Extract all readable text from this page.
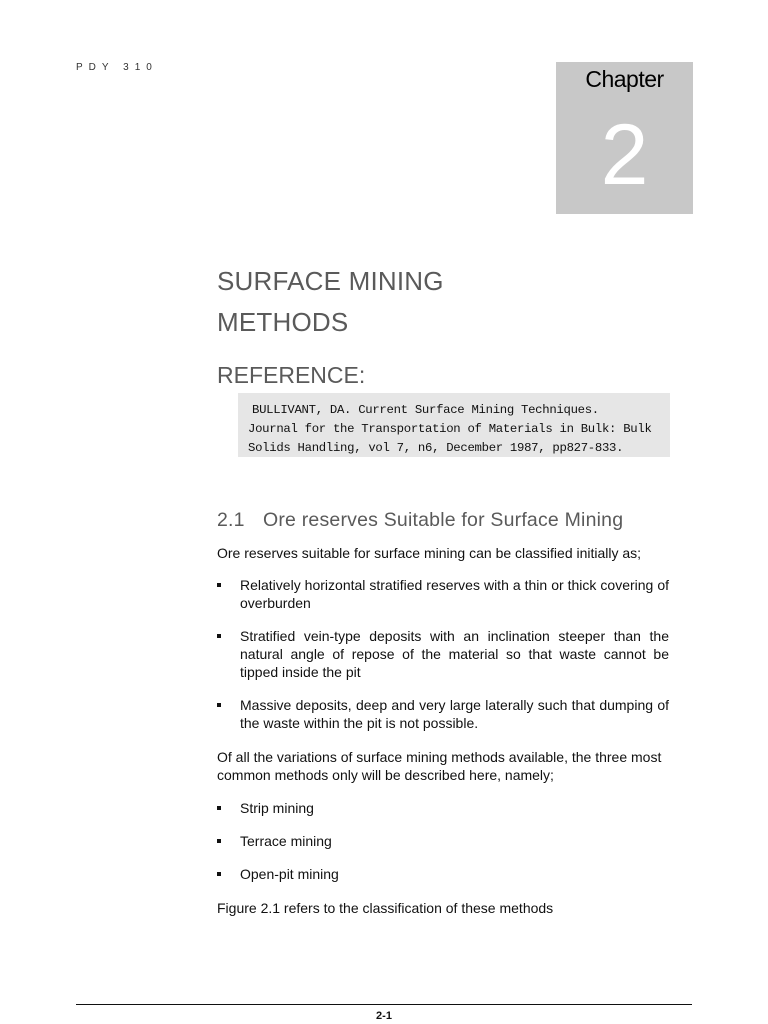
PDY 310	Chapter
2
SURFACE MINING
METHODS
REFERENCE:
BULLIVANT, DA. Current Surface Mining Techniques.
Journal for the Transportation of Materials in Bulk: Bulk
Solids Handling, vol 7, n6, December 1987, pp827-833.
2.1 Ore reserves Suitable for Surface Mining
Ore reserves suitable for surface mining can be classified initially as;
Relatively horizontal stratified reserves with a thin or thick covering of overburden
Stratified vein-type deposits with an inclination steeper than the natural angle of repose of the material so that waste cannot be tipped inside the pit
Massive deposits, deep and very large laterally such that dumping of the waste within the pit is not possible.
Of all the variations of surface mining methods available, the three most common methods only will be described here, namely;
Strip mining
Terrace mining
Open-pit mining
Figure 2.1 refers to the classification of these methods
2-1
